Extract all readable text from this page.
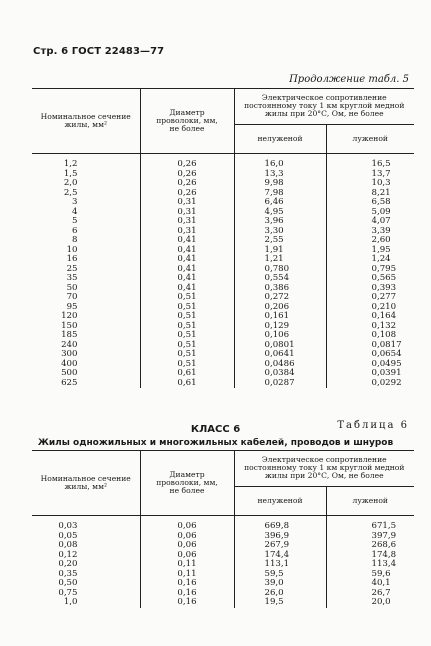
Стр. 6 ГОСТ 22483—77
Продолжение табл. 5
Номинальное сечение жилы, мм²	Диаметр проволоки, мм, не более	Электрическое сопротивление постоянному току 1 км круглой медной жилы при 20°С, Ом, не более	
		нелуженой	луженой

1,2	0,26	16,0	16,5
1,5	0,26	13,3	13,7
2,0	0,26	9,98	10,3
2,5	0,26	7,98	8,21
3	0,31	6,46	6,58
4	0,31	4,95	5,09
5	0,31	3,96	4,07
6	0,31	3,30	3,39
8	0,41	2,55	2,60
10	0,41	1,91	1,95
16	0,41	1,21	1,24
25	0,41	0,780	0,795
35	0,41	0,554	0,565
50	0,41	0,386	0,393
70	0,51	0,272	0,277
95	0,51	0,206	0,210
120	0,51	0,161	0,164
150	0,51	0,129	0,132
185	0,51	0,106	0,108
240	0,51	0,0801	0,0817
300	0,51	0,0641	0,0654
400	0,51	0,0486	0,0495
500	0,61	0,0384	0,0391
625	0,61	0,0287	0,0292
Таблица 6
КЛАСС 6
Жилы одножильных и многожильных кабелей, проводов и шнуров
Номинальное сечение жилы, мм²	Диаметр проволоки, мм, не более	Электрическое сопротивление постоянному току 1 км круглой медной жилы при 20°С, Ом, не более	
		нелуженой	луженой

0,03	0,06	669,8	671,5
0,05	0,06	396,9	397,9
0,08	0,06	267,9	268,6
0,12	0,06	174,4	174,8
0,20	0,11	113,1	113,4
0,35	0,11	59,5	59,6
0,50	0,16	39,0	40,1
0,75	0,16	26,0	26,7
1,0	0,16	19,5	20,0
